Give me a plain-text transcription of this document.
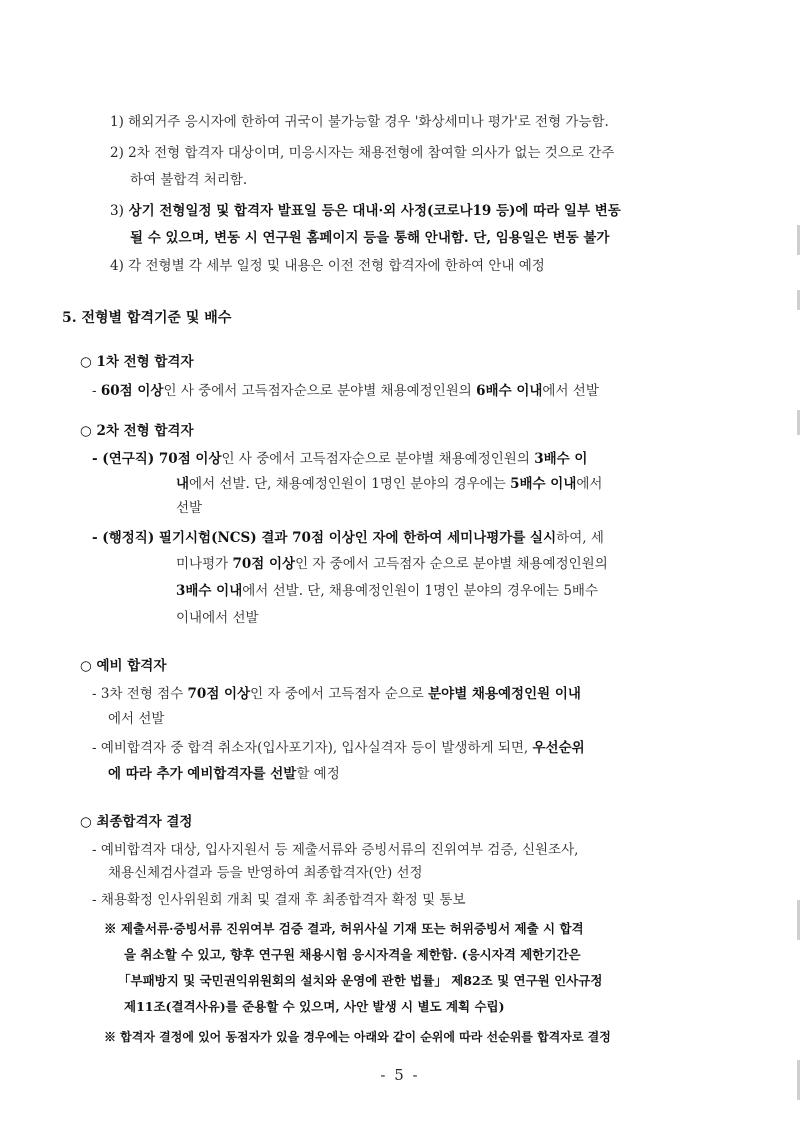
1) 해외거주 응시자에 한하여 귀국이 불가능할 경우 '화상세미나 평가'로 전형 가능함.
2) 2차 전형 합격자 대상이며, 미응시자는 채용전형에 참여할 의사가 없는 것으로 간주
하여 불합격 처리함.
3) 상기 전형일정 및 합격자 발표일 등은 대내·외 사정(코로나19 등)에 따라 일부 변동
될 수 있으며, 변동 시 연구원 홈페이지 등을 통해 안내함. 단, 임용일은 변동 불가
4) 각 전형별 각 세부 일정 및 내용은 이전 전형 합격자에 한하여 안내 예정
5. 전형별 합격기준 및 배수
○ 1차 전형 합격자
- 60점 이상인 사 중에서 고득점자순으로 분야별 채용예정인원의 6배수 이내에서 선발
○ 2차 전형 합격자
- (연구직) 70점 이상인 사 중에서 고득점자순으로 분야별 채용예정인원의 3배수 이
내에서 선발. 단, 채용예정인원이 1명인 분야의 경우에는 5배수 이내에서
선발
- (행정직) 필기시험(NCS) 결과 70점 이상인 자에 한하여 세미나평가를 실시하여, 세
미나평가 70점 이상인 자 중에서 고득점자 순으로 분야별 채용예정인원의
3배수 이내에서 선발. 단, 채용예정인원이 1명인 분야의 경우에는 5배수
이내에서 선발
○ 예비 합격자
- 3차 전형 점수 70점 이상인 자 중에서 고득점자 순으로 분야별 채용예정인원 이내
에서 선발
- 예비합격자 중 합격 취소자(입사포기자), 입사실격자 등이 발생하게 되면, 우선순위
에 따라 추가 예비합격자를 선발할 예정
○ 최종합격자 결정
- 예비합격자 대상, 입사지원서 등 제출서류와 증빙서류의 진위여부 검증, 신원조사,
채용신체검사결과 등을 반영하여 최종합격자(안) 선정
- 채용확정 인사위원회 개최 및 결재 후 최종합격자 확정 및 통보
※ 제출서류·증빙서류 진위여부 검증 결과, 허위사실 기재 또는 허위증빙서 제출 시 합격
을 취소할 수 있고, 향후 연구원 채용시험 응시자격을 제한함. (응시자격 제한기간은
「부패방지 및 국민권익위원회의 설치와 운영에 관한 법률」 제82조 및 연구원 인사규정
제11조(결격사유)를 준용할 수 있으며, 사안 발생 시 별도 계획 수립)
※ 합격자 결정에 있어 동점자가 있을 경우에는 아래와 같이 순위에 따라 선순위를 합격자로 결정
- 5 -
